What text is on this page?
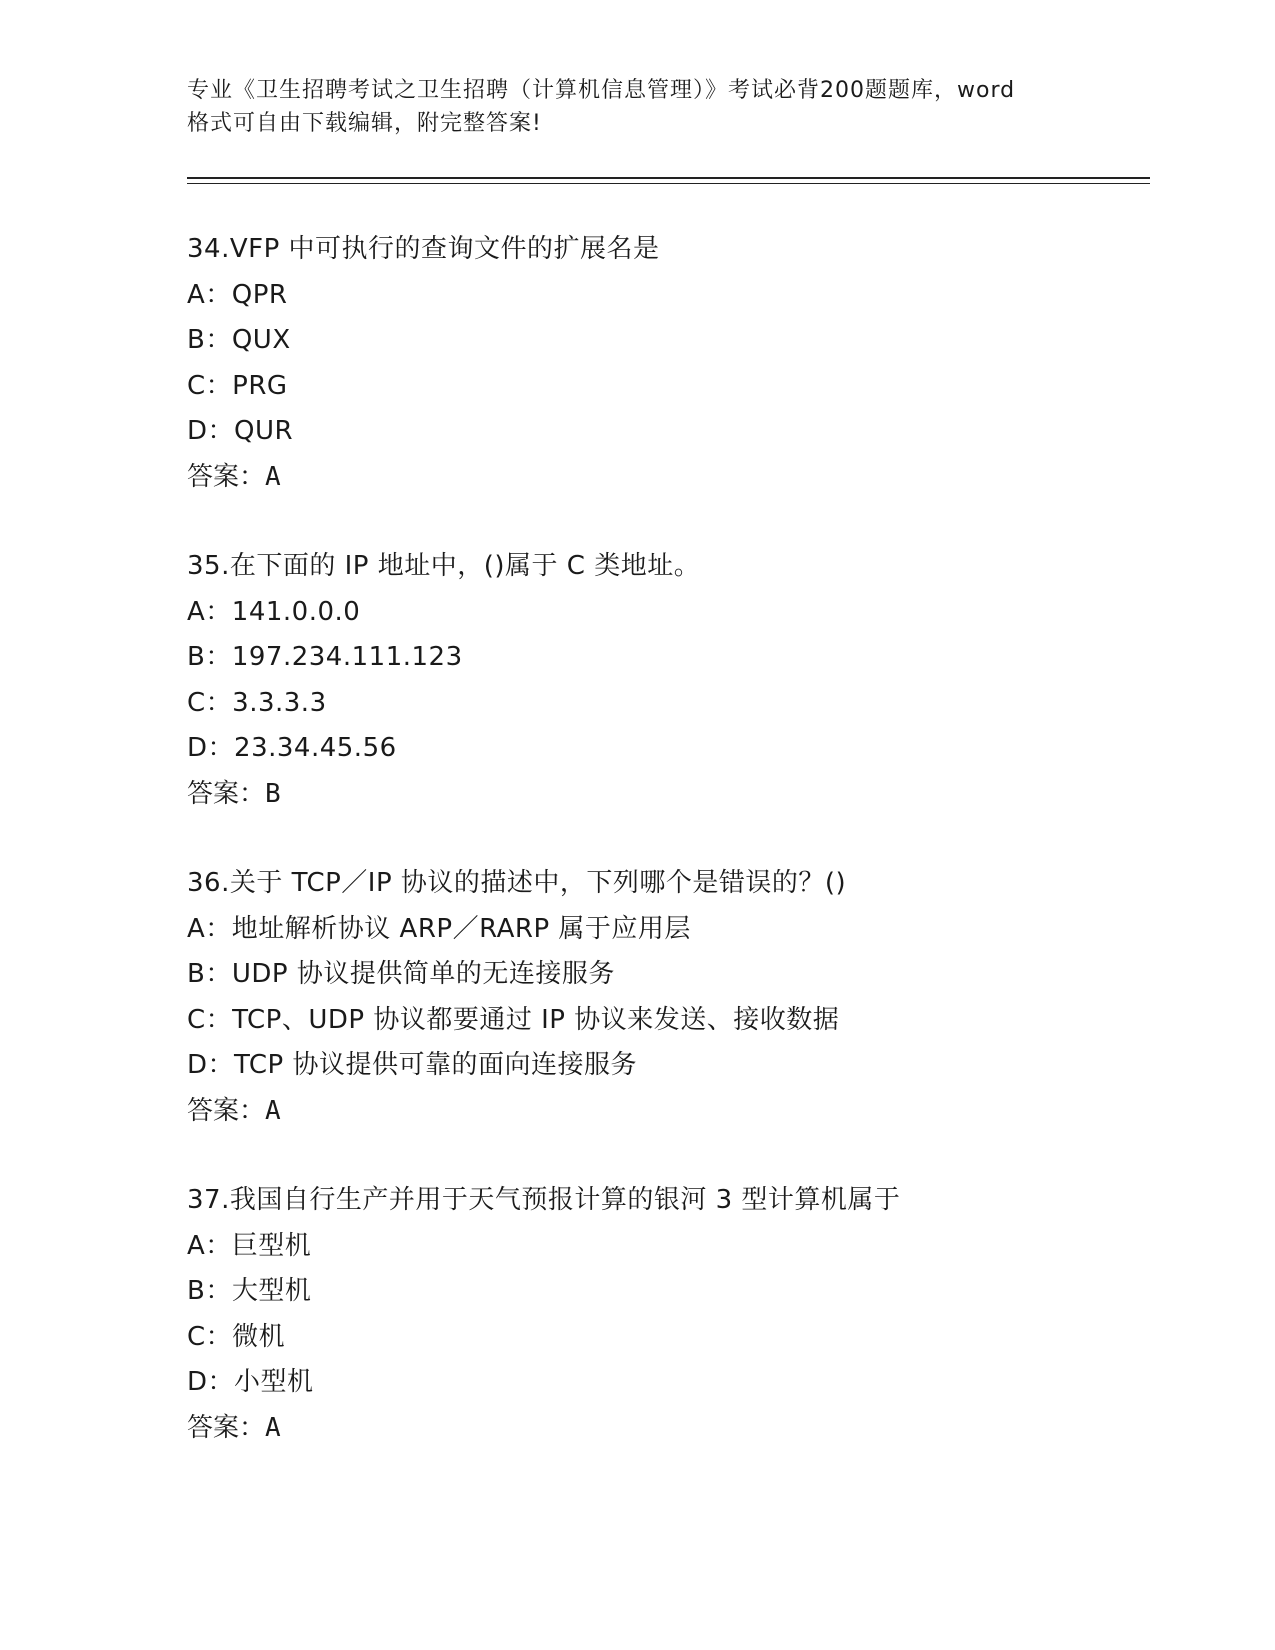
专业《卫生招聘考试之卫生招聘（计算机信息管理）》考试必背200题题库，word
格式可自由下载编辑，附完整答案!

34.VFP 中可执行的查询文件的扩展名是
A：QPR
B：QUX
C：PRG
D：QUR
答案：A
35.在下面的 IP 地址中，()属于 C 类地址。
A：141.0.0.0
B：197.234.111.123
C：3.3.3.3
D：23.34.45.56
答案：B
36.关于 TCP／IP 协议的描述中，下列哪个是错误的？()
A：地址解析协议 ARP／RARP 属于应用层
B：UDP 协议提供简单的无连接服务
C：TCP、UDP 协议都要通过 IP 协议来发送、接收数据
D：TCP 协议提供可靠的面向连接服务
答案：A
37.我国自行生产并用于天气预报计算的银河 3 型计算机属于
A：巨型机
B：大型机
C：微机
D：小型机
答案：A
